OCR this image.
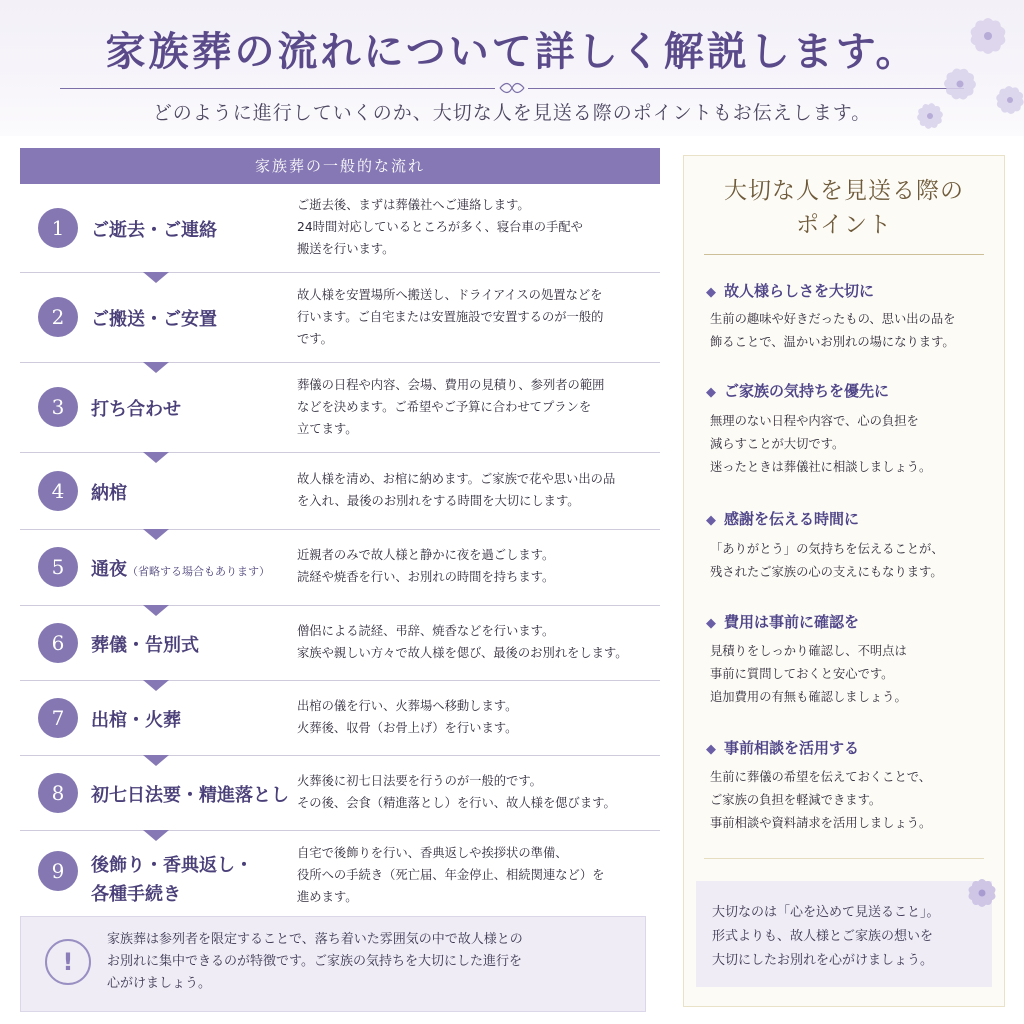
家族葬の流れについて詳しく解説します。
どのように進行していくのか、大切な人を見送る際のポイントもお伝えします。
家族葬の一般的な流れ
1	ご逝去・ご連絡
ご逝去後、まずは葬儀社へご連絡します。
24時間対応しているところが多く、寝台車の手配や
搬送を行います。
2	ご搬送・ご安置
故人様を安置場所へ搬送し、ドライアイスの処置などを
行います。ご自宅または安置施設で安置するのが一般的
です。
3	打ち合わせ
葬儀の日程や内容、会場、費用の見積り、参列者の範囲
などを決めます。ご希望やご予算に合わせてプランを
立てます。
4	納棺
故人様を清め、お棺に納めます。ご家族で花や思い出の品
を入れ、最後のお別れをする時間を大切にします。
5	通夜（省略する場合もあります）
近親者のみで故人様と静かに夜を過ごします。
読経や焼香を行い、お別れの時間を持ちます。
6	葬儀・告別式
僧侶による読経、弔辞、焼香などを行います。
家族や親しい方々で故人様を偲び、最後のお別れをします。
7	出棺・火葬
出棺の儀を行い、火葬場へ移動します。
火葬後、収骨（お骨上げ）を行います。
8	初七日法要・精進落とし
火葬後に初七日法要を行うのが一般的です。
その後、会食（精進落とし）を行い、故人様を偲びます。
9	後飾り・香典返し・
各種手続き
自宅で後飾りを行い、香典返しや挨拶状の準備、
役所への手続き（死亡届、年金停止、相続関連など）を
進めます。
!
家族葬は参列者を限定することで、落ち着いた雰囲気の中で故人様との
お別れに集中できるのが特徴です。ご家族の気持ちを大切にした進行を
心がけましょう。
大切な人を見送る際の
ポイント
◆ 故人様らしさを大切に
生前の趣味や好きだったもの、思い出の品を
飾ることで、温かいお別れの場になります。
◆ ご家族の気持ちを優先に
無理のない日程や内容で、心の負担を
減らすことが大切です。
迷ったときは葬儀社に相談しましょう。
◆ 感謝を伝える時間に
「ありがとう」の気持ちを伝えることが、
残されたご家族の心の支えにもなります。
◆ 費用は事前に確認を
見積りをしっかり確認し、不明点は
事前に質問しておくと安心です。
追加費用の有無も確認しましょう。
◆ 事前相談を活用する
生前に葬儀の希望を伝えておくことで、
ご家族の負担を軽減できます。
事前相談や資料請求を活用しましょう。
大切なのは「心を込めて見送ること」。
形式よりも、故人様とご家族の想いを
大切にしたお別れを心がけましょう。
